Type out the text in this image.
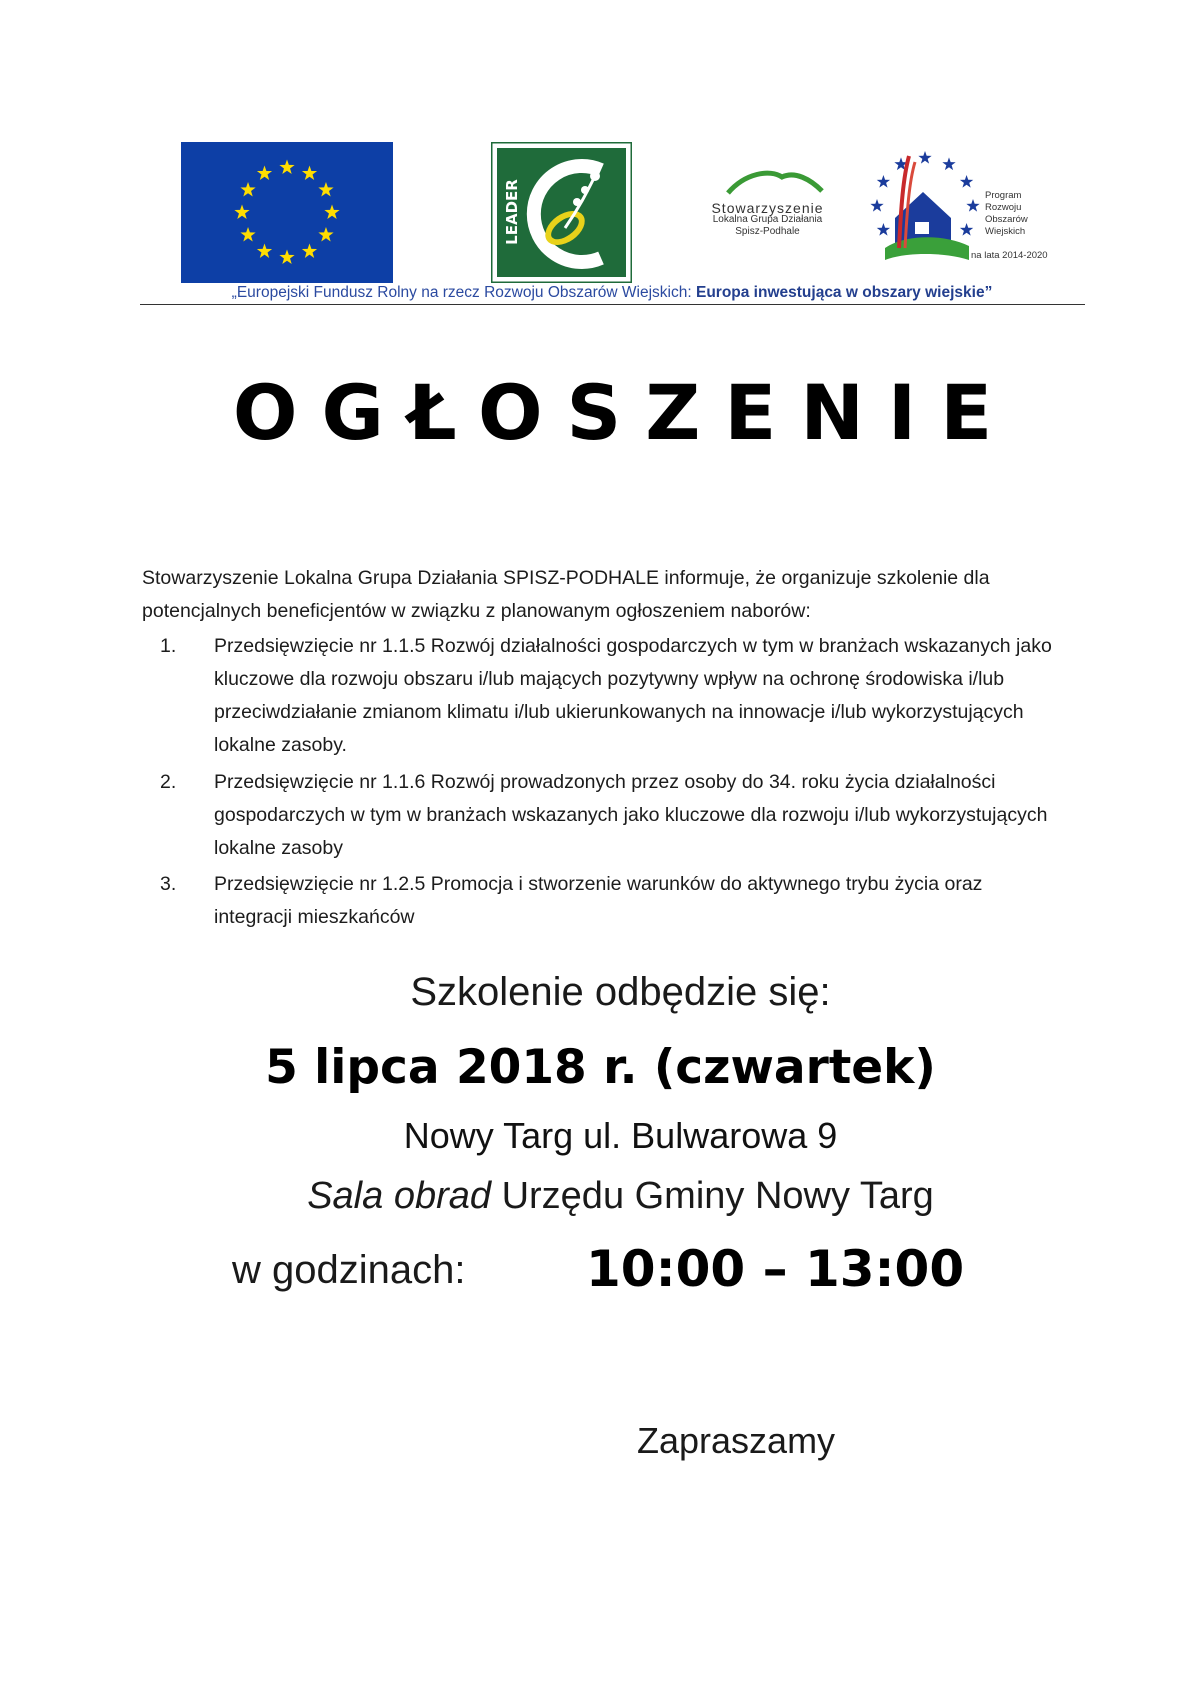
LEADER	Stowarzyszenie
Lokalna Grupa Działania
Spisz-Podhale
Program
Rozwoju
Obszarów
Wiejskich
na lata 2014-2020
„Europejski Fundusz Rolny na rzecz Rozwoju Obszarów Wiejskich: Europa inwestująca w obszary wiejskie”
OGŁOSZENIE
Stowarzyszenie Lokalna Grupa Działania SPISZ-PODHALE informuje, że organizuje szkolenie dla potencjalnych beneficjentów w związku z planowanym ogłoszeniem naborów:
1. Przedsięwzięcie nr 1.1.5 Rozwój działalności gospodarczych w tym w branżach wskazanych jako kluczowe dla rozwoju obszaru i/lub mających pozytywny wpływ na ochronę środowiska i/lub przeciwdziałanie zmianom klimatu i/lub ukierunkowanych na innowacje i/lub wykorzystujących lokalne zasoby.
2. Przedsięwzięcie nr 1.1.6 Rozwój prowadzonych przez osoby do 34. roku życia działalności gospodarczych w tym w branżach wskazanych jako kluczowe dla rozwoju i/lub wykorzystujących lokalne zasoby
3. Przedsięwzięcie nr 1.2.5 Promocja i stworzenie warunków do aktywnego trybu życia oraz integracji mieszkańców
Szkolenie odbędzie się:
5 lipca 2018 r. (czwartek)
Nowy Targ ul. Bulwarowa 9
Sala obrad Urzędu Gminy Nowy Targ
w godzinach: 10:00 – 13:00
Zapraszamy
